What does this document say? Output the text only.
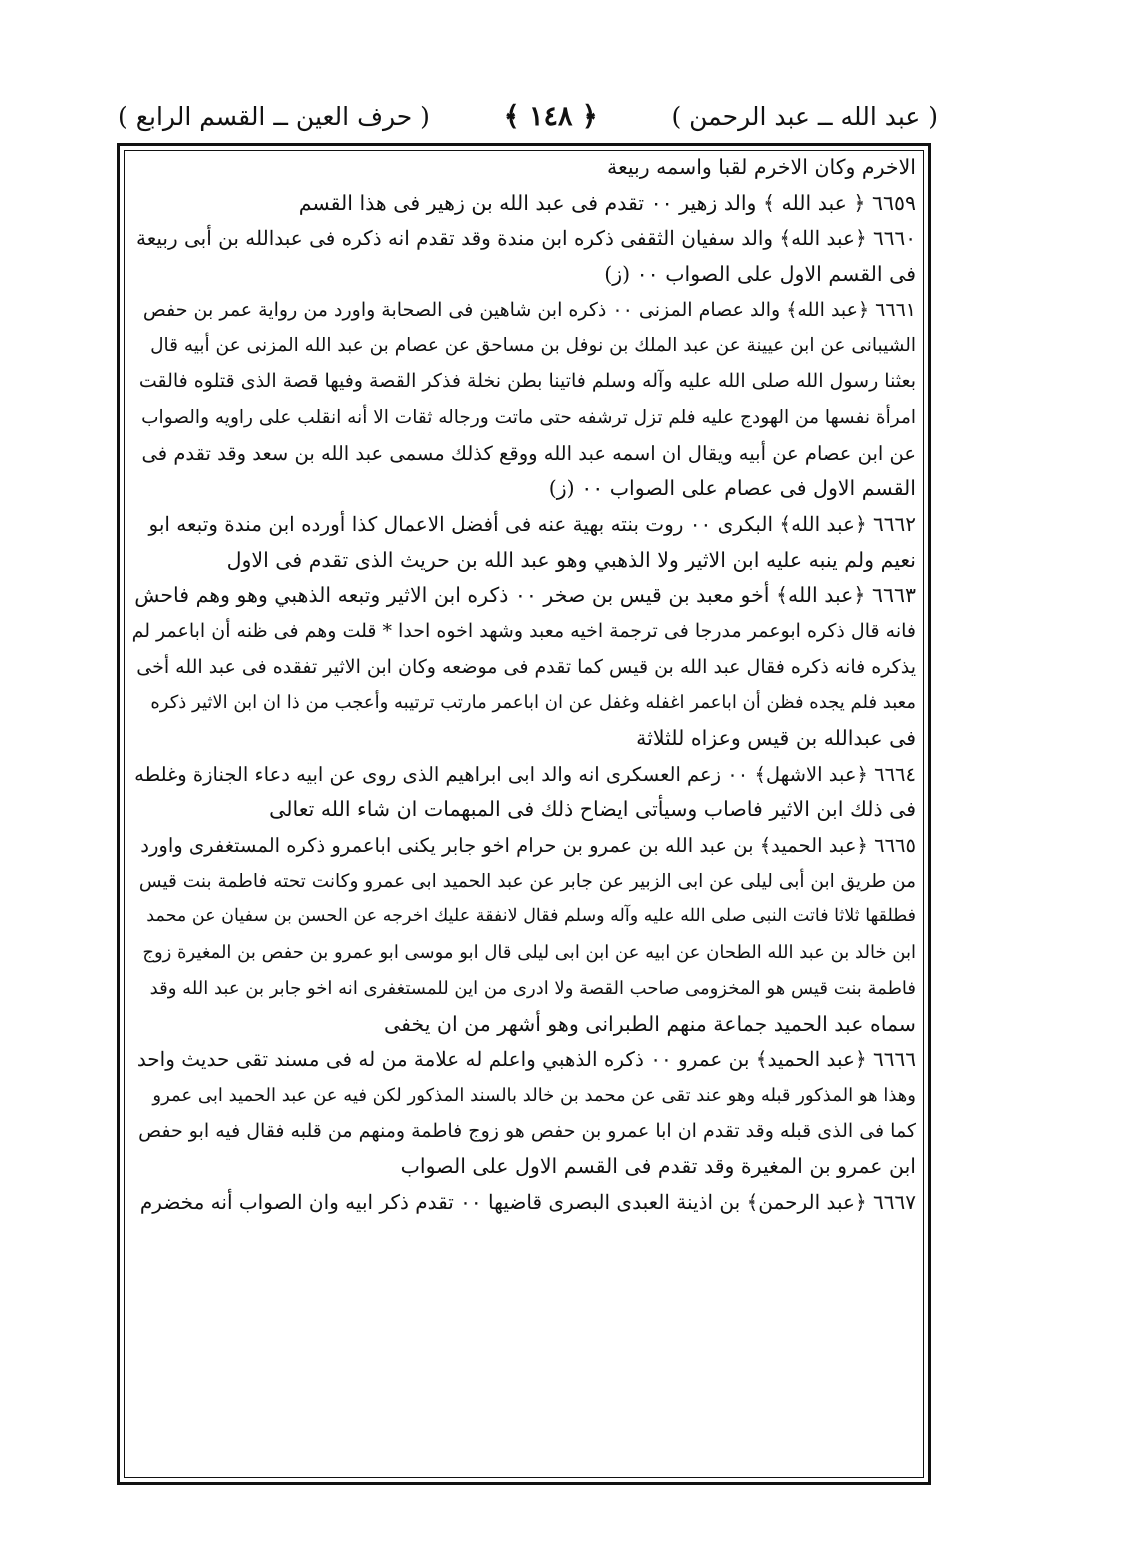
( حرف العين ــ القسم الرابع )	﴿ ١٤٨ ﴾	( عبد الله ــ عبد الرحمن )
الاخرم وكان الاخرم لقبا واسمه ربيعة
٦٦٥٩ ﴿ عبد الله ﴾ والد زهير ٠٠ تقدم فى عبد الله بن زهير فى هذا القسم
٦٦٦٠ ﴿عبد الله﴾ والد سفيان الثقفى ذكره ابن مندة وقد تقدم انه ذكره فى عبدالله بن أبى ربيعة
فى القسم الاول على الصواب ٠٠ (ز)
٦٦٦١ ﴿عبد الله﴾ والد عصام المزنى ٠٠ ذكره ابن شاهين فى الصحابة واورد من رواية عمر بن حفص
الشيبانى عن ابن عيينة عن عبد الملك بن نوفل بن مساحق عن عصام بن عبد الله المزنى عن أبيه قال
بعثنا رسول الله صلى الله عليه وآله وسلم فاتينا بطن نخلة فذكر القصة وفيها قصة الذى قتلوه فالقت
امرأة نفسها من الهودج عليه فلم تزل ترشفه حتى ماتت ورجاله ثقات الا أنه انقلب على راويه والصواب
عن ابن عصام عن أبيه ويقال ان اسمه عبد الله ووقع كذلك مسمى عبد الله بن سعد وقد تقدم فى
القسم الاول فى عصام على الصواب ٠٠ (ز)
٦٦٦٢ ﴿عبد الله﴾ البكرى ٠٠ روت بنته بهية عنه فى أفضل الاعمال كذا أورده ابن مندة وتبعه ابو
نعيم ولم ينبه عليه ابن الاثير ولا الذهبي وهو عبد الله بن حريث الذى تقدم فى الاول
٦٦٦٣ ﴿عبد الله﴾ أخو معبد بن قيس بن صخر ٠٠ ذكره ابن الاثير وتبعه الذهبي وهو وهم فاحش
فانه قال ذكره ابوعمر مدرجا فى ترجمة اخيه معبد وشهد اخوه احدا * قلت وهم فى ظنه أن اباعمر لم
يذكره فانه ذكره فقال عبد الله بن قيس كما تقدم فى موضعه وكان ابن الاثير تفقده فى عبد الله أخى
معبد فلم يجده فظن أن اباعمر اغفله وغفل عن ان اباعمر مارتب ترتيبه وأعجب من ذا ان ابن الاثير ذكره
فى عبدالله بن قيس وعزاه للثلاثة
٦٦٦٤ ﴿عبد الاشهل﴾ ٠٠ زعم العسكرى انه والد ابى ابراهيم الذى روى عن ابيه دعاء الجنازة وغلطه
فى ذلك ابن الاثير فاصاب وسيأتى ايضاح ذلك فى المبهمات ان شاء الله تعالى
٦٦٦٥ ﴿عبد الحميد﴾ بن عبد الله بن عمرو بن حرام اخو جابر يكنى اباعمرو ذكره المستغفرى واورد
من طريق ابن أبى ليلى عن ابى الزبير عن جابر عن عبد الحميد ابى عمرو وكانت تحته فاطمة بنت قيس
فطلقها ثلاثا فاتت النبى صلى الله عليه وآله وسلم فقال لانفقة عليك اخرجه عن الحسن بن سفيان عن محمد
ابن خالد بن عبد الله الطحان عن ابيه عن ابن ابى ليلى قال ابو موسى ابو عمرو بن حفص بن المغيرة زوج
فاطمة بنت قيس هو المخزومى صاحب القصة ولا ادرى من اين للمستغفرى انه اخو جابر بن عبد الله وقد
سماه عبد الحميد جماعة منهم الطبرانى وهو أشهر من ان يخفى
٦٦٦٦ ﴿عبد الحميد﴾ بن عمرو ٠٠ ذكره الذهبي واعلم له علامة من له فى مسند تقى حديث واحد
وهذا هو المذكور قبله وهو عند تقى عن محمد بن خالد بالسند المذكور لكن فيه عن عبد الحميد ابى عمرو
كما فى الذى قبله وقد تقدم ان ابا عمرو بن حفص هو زوج فاطمة ومنهم من قلبه فقال فيه ابو حفص
ابن عمرو بن المغيرة وقد تقدم فى القسم الاول على الصواب
٦٦٦٧ ﴿عبد الرحمن﴾ بن اذينة العبدى البصرى قاضيها ٠٠ تقدم ذكر ابيه وان الصواب أنه مخضرم
